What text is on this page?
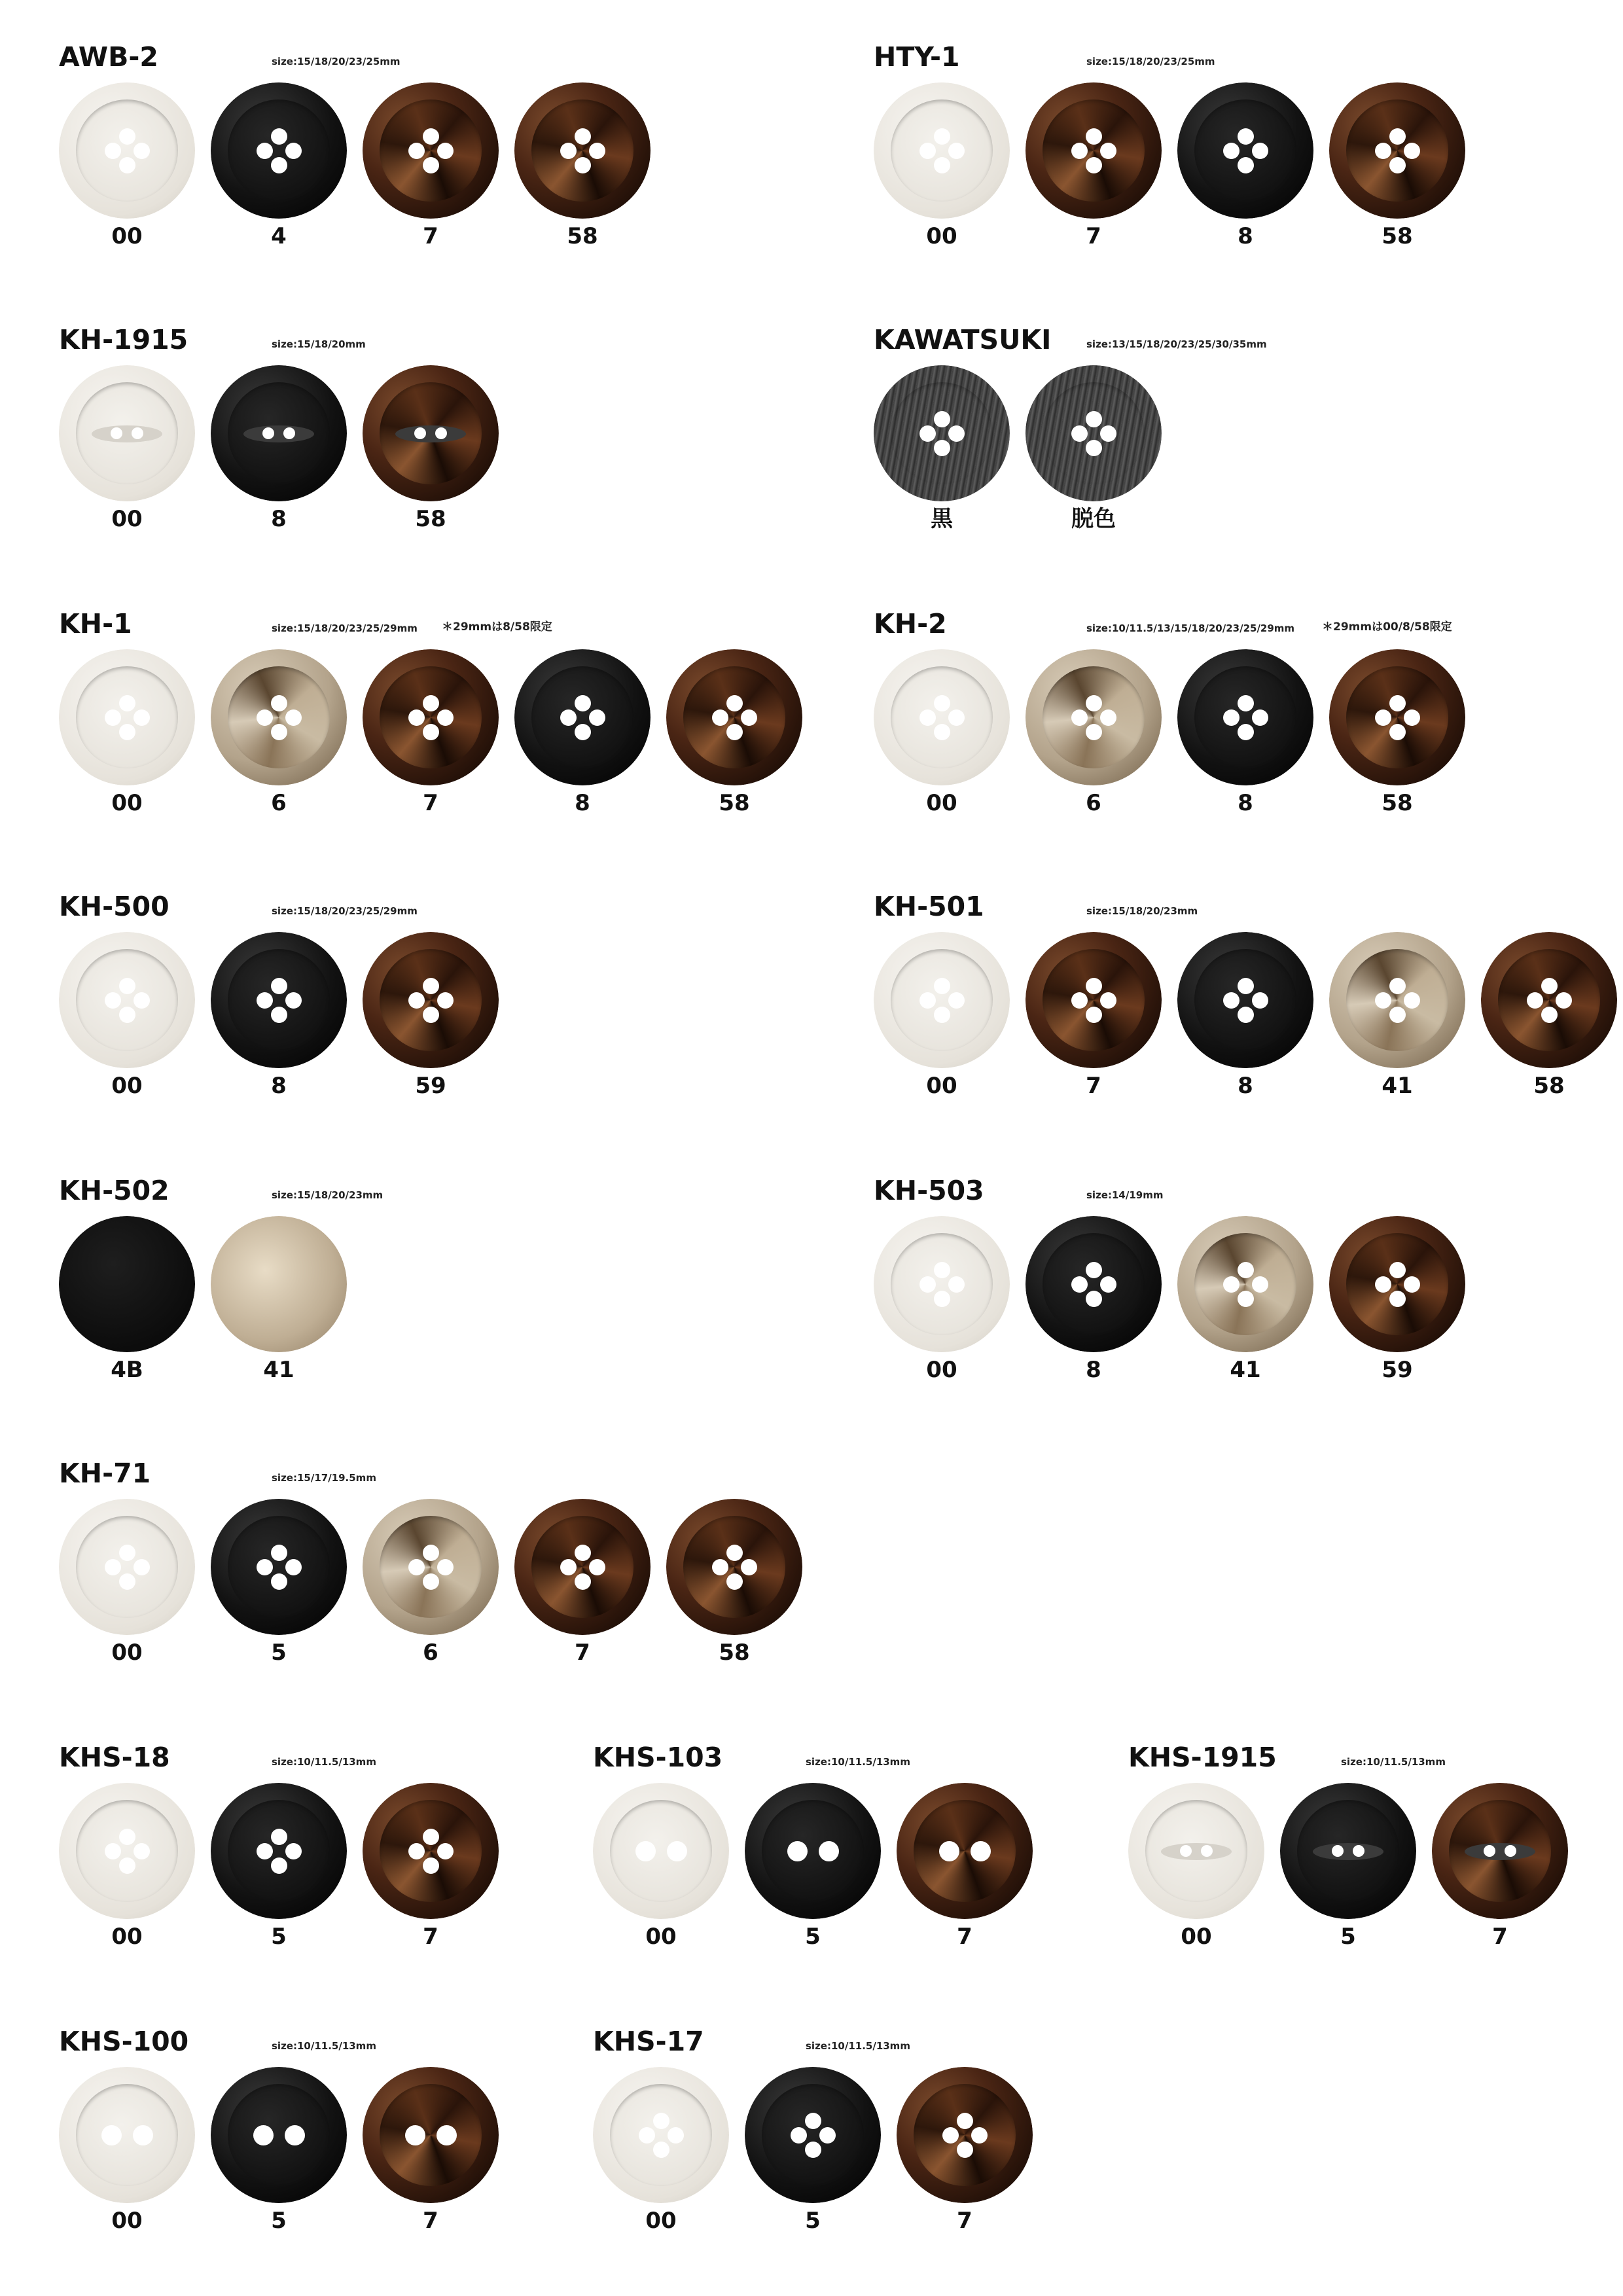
AWB-2	size:15/18/20/23/25mm
00	4	7	58
HTY-1	size:15/18/20/23/25mm
00	7	8	58
KH-1915	size:15/18/20mm
00	8	58
KAWATSUKI	size:13/15/18/20/23/25/30/35mm
黒	脱色
KH-1	size:15/18/20/23/25/29mm ＊29mmは8/58限定
00	6	7	8	58
KH-2	size:10/11.5/13/15/18/20/23/25/29mm ＊29mmは00/8/58限定
00	6	8	58
KH-500	size:15/18/20/23/25/29mm
00	8	59
KH-501	size:15/18/20/23mm
00	7	8	41	58
KH-502	size:15/18/20/23mm
4B	41
KH-503	size:14/19mm
00	8	41	59
KH-71	size:15/17/19.5mm
00	5	6	7	58
KHS-18	size:10/11.5/13mm
00	5	7
KHS-103	size:10/11.5/13mm
00	5	7
KHS-1915	size:10/11.5/13mm
00	5	7
KHS-100	size:10/11.5/13mm
00	5	7
KHS-17	size:10/11.5/13mm
00	5	7
